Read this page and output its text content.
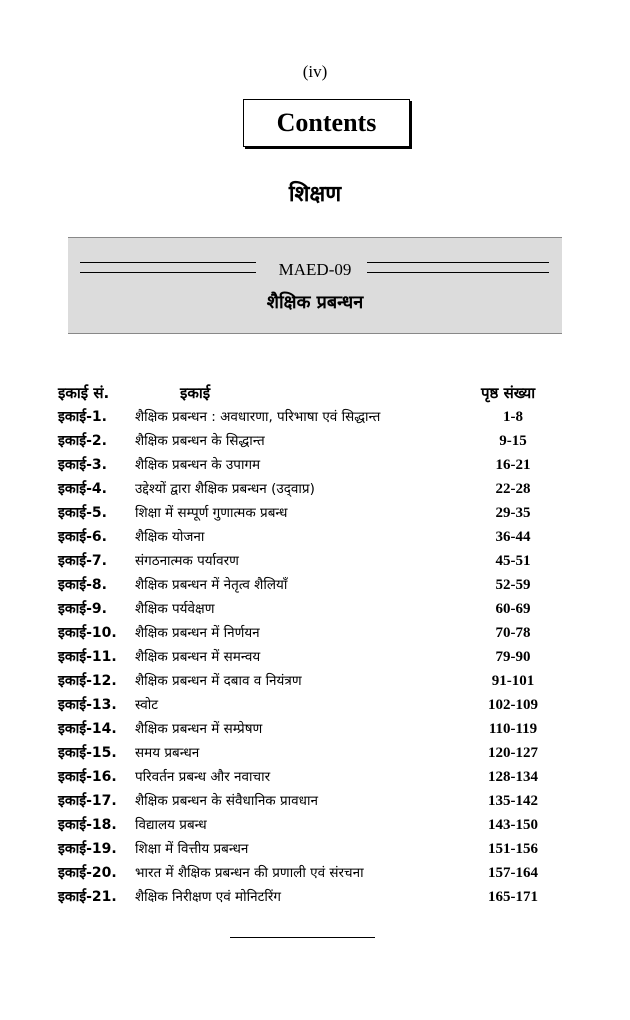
(iv)
Contents
शिक्षण
MAED-09
शैक्षिक प्रबन्धन
इकाई सं.	इकाई	पृष्ठ संख्या
इकाई-1. शैक्षिक प्रबन्धन : अवधारणा, परिभाषा एवं सिद्धान्त	1-8
इकाई-2. शैक्षिक प्रबन्धन के सिद्धान्त	9-15
इकाई-3. शैक्षिक प्रबन्धन के उपागम	16-21
इकाई-4. उद्देश्यों द्वारा शैक्षिक प्रबन्धन (उद्‌वाप्र)	22-28
इकाई-5. शिक्षा में सम्पूर्ण गुणात्मक प्रबन्ध	29-35
इकाई-6. शैक्षिक योजना	36-44
इकाई-7. संगठनात्मक पर्यावरण	45-51
इकाई-8. शैक्षिक प्रबन्धन में नेतृत्व शैलियाँ	52-59
इकाई-9. शैक्षिक पर्यवेक्षण	60-69
इकाई-10. शैक्षिक प्रबन्धन में निर्णयन	70-78
इकाई-11. शैक्षिक प्रबन्धन में समन्वय	79-90
इकाई-12. शैक्षिक प्रबन्धन में दबाव व नियंत्रण	91-101
इकाई-13. स्वोट	102-109
इकाई-14. शैक्षिक प्रबन्धन में सम्प्रेषण	110-119
इकाई-15. समय प्रबन्धन	120-127
इकाई-16. परिवर्तन प्रबन्ध और नवाचार	128-134
इकाई-17. शैक्षिक प्रबन्धन के संवैधानिक प्रावधान	135-142
इकाई-18. विद्यालय प्रबन्ध	143-150
इकाई-19. शिक्षा में वित्तीय प्रबन्धन	151-156
इकाई-20. भारत में शैक्षिक प्रबन्धन की प्रणाली एवं संरचना	157-164
इकाई-21. शैक्षिक निरीक्षण एवं मोनिटरिंग	165-171
